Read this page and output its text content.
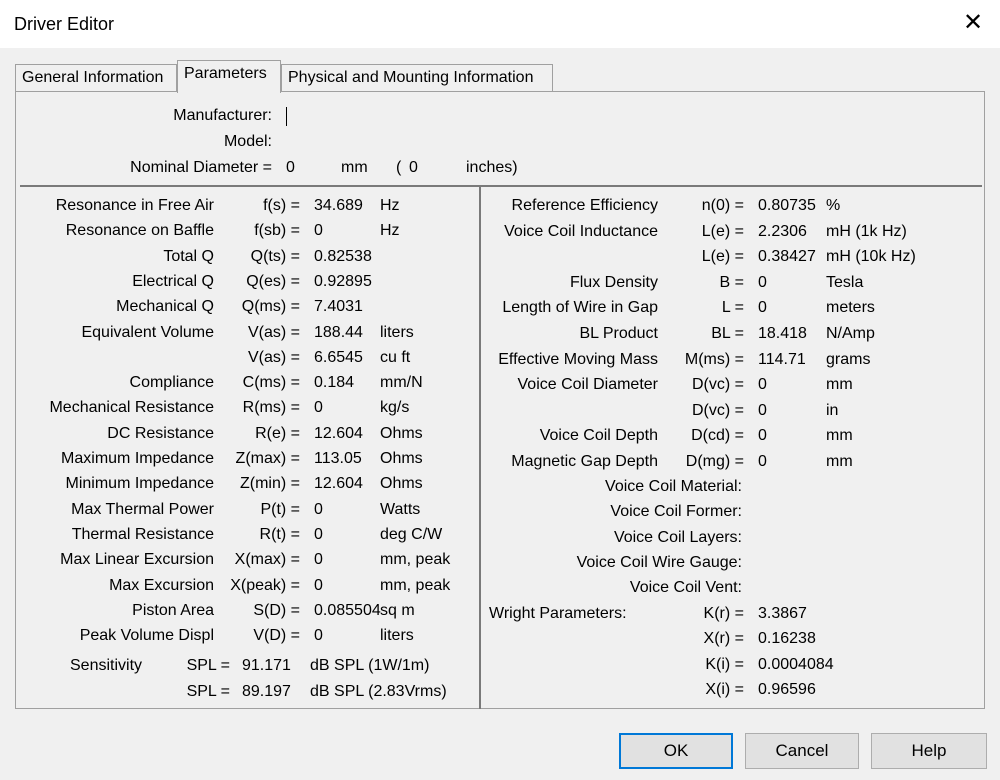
Driver Editor	✕
General Information	Parameters	Physical and Mounting Information
Manufacturer:
Model:
Nominal Diameter = 0	mm ( 0	inches)
Resonance in Free Air	f(s) = 34.689 Hz
Resonance on Baffle	f(sb) = 0	Hz
Total Q Q(ts) = 0.82538
Electrical Q Q(es) = 0.92895
Mechanical Q Q(ms) = 7.4031
Equivalent Volume V(as) = 188.44 liters
V(as) = 6.6545 cu ft
Compliance C(ms) = 0.184 mm/N
Mechanical Resistance R(ms) = 0	kg/s
DC Resistance	R(e) = 12.604 Ohms
Maximum Impedance Z(max) = 113.05 Ohms
Minimum Impedance Z(min) = 12.604 Ohms
Max Thermal Power	P(t) = 0	Watts
Thermal Resistance	R(t) = 0	deg C/W
Max Linear Excursion X(max) = 0	mm, peak
Max Excursion X(peak) = 0	mm, peak
Piston Area S(D) = 0.085504 sq m
Peak Volume Displ V(D) = 0	liters
Sensitivity	SPL = 91.171 dB SPL (1W/1m)
SPL = 89.197 dB SPL (2.83Vrms)
Reference Efficiency	n(0) = 0.80735 %
Voice Coil Inductance	L(e) = 2.2306 mH (1k Hz)
L(e) = 0.38427 mH (10k Hz)
Flux Density	B = 0	Tesla
Length of Wire in Gap	L = 0	meters
BL Product	BL = 18.418 N/Amp
Effective Moving Mass M(ms) = 114.71 grams
Voice Coil Diameter D(vc) = 0	mm
D(vc) = 0	in
Voice Coil Depth D(cd) = 0	mm
Magnetic Gap Depth D(mg) = 0	mm
Voice Coil Material:
Voice Coil Former:
Voice Coil Layers:
Voice Coil Wire Gauge:
Voice Coil Vent:
Wright Parameters:	K(r) = 3.3867
X(r) = 0.16238
K(i) = 0.0004084
X(i) = 0.96596
OK	Cancel	Help
